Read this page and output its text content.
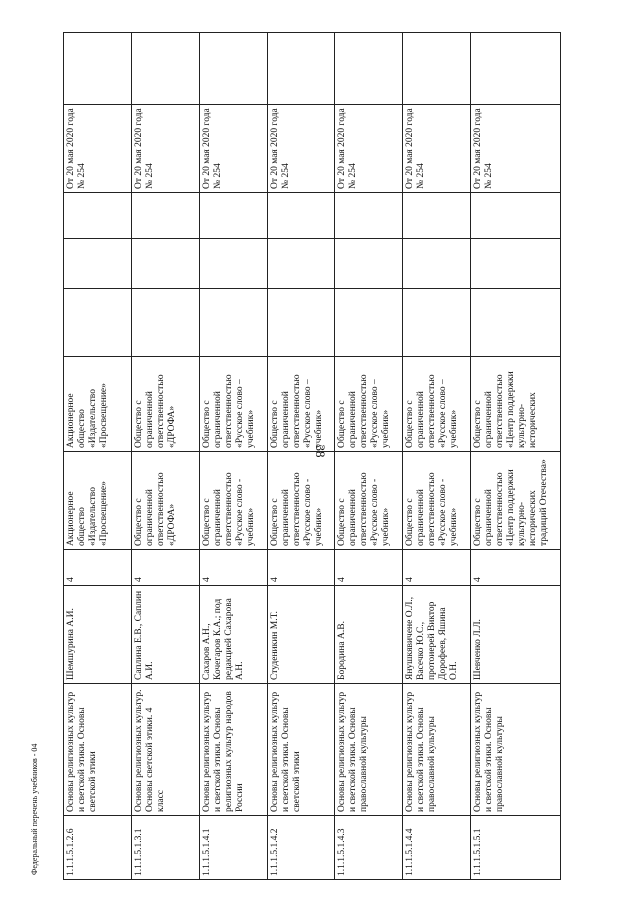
38
Федеральный перечень учебников - 04	1.1.1.5.1.2.6	Основы религиозных культур и светской этики. Основы светской этики	Шемшурина А.И.	4	Акционерное общество «Издательство «Просвещение»	Акционерное общество «Издательство «Просвещение»				От 20 мая 2020 года № 254	
1.1.1.5.1.3.1	Основы религиозных культур. Основы светской этики. 4 класс	Саплина Е.В., Саплин А.И.	4	Общество с ограниченной ответственностью «ДРОФА»	Общество с ограниченной ответственностью «ДРОФА»				От 20 мая 2020 года № 254	
1.1.1.5.1.4.1	Основы религиозных культур и светской этики. Основы религиозных культур народов России	Сахаров А.Н., Кочегаров К.А.; под редакцией Сахарова А.Н.	4	Общество с ограниченной ответственностью «Русское слово - учебник»	Общество с ограниченной ответственностью «Русское слово – учебник»				От 20 мая 2020 года № 254	
1.1.1.5.1.4.2	Основы религиозных культур и светской этики. Основы светской этики	Студеникин М.Т.	4	Общество с ограниченной ответственностью «Русское слово - учебник»	Общество с ограниченной ответственностью «Русское слово – учебник»				От 20 мая 2020 года № 254	
1.1.1.5.1.4.3	Основы религиозных культур и светской этики. Основы православной культуры	Бородина А.В.	4	Общество с ограниченной ответственностью «Русское слово - учебник»	Общество с ограниченной ответственностью «Русское слово – учебник»				От 20 мая 2020 года № 254	
1.1.1.5.1.4.4	Основы религиозных культур и светской этики. Основы православной культуры	Янушкявичене О.Л., Васечко Ю.С., протоиерей Виктор Дорофеев, Яшина О.Н.	4	Общество с ограниченной ответственностью «Русское слово - учебник»	Общество с ограниченной ответственностью «Русское слово – учебник»				От 20 мая 2020 года № 254	
1.1.1.5.1.5.1	Основы религиозных культур и светской этики. Основы православной культуры	Шевченко Л.Л.	4	Общество с ограниченной ответственностью «Центр поддержки культурно-исторических традиций Отечества»	Общество с ограниченной ответственностью «Центр поддержки культурно-исторических				От 20 мая 2020 года № 254	
